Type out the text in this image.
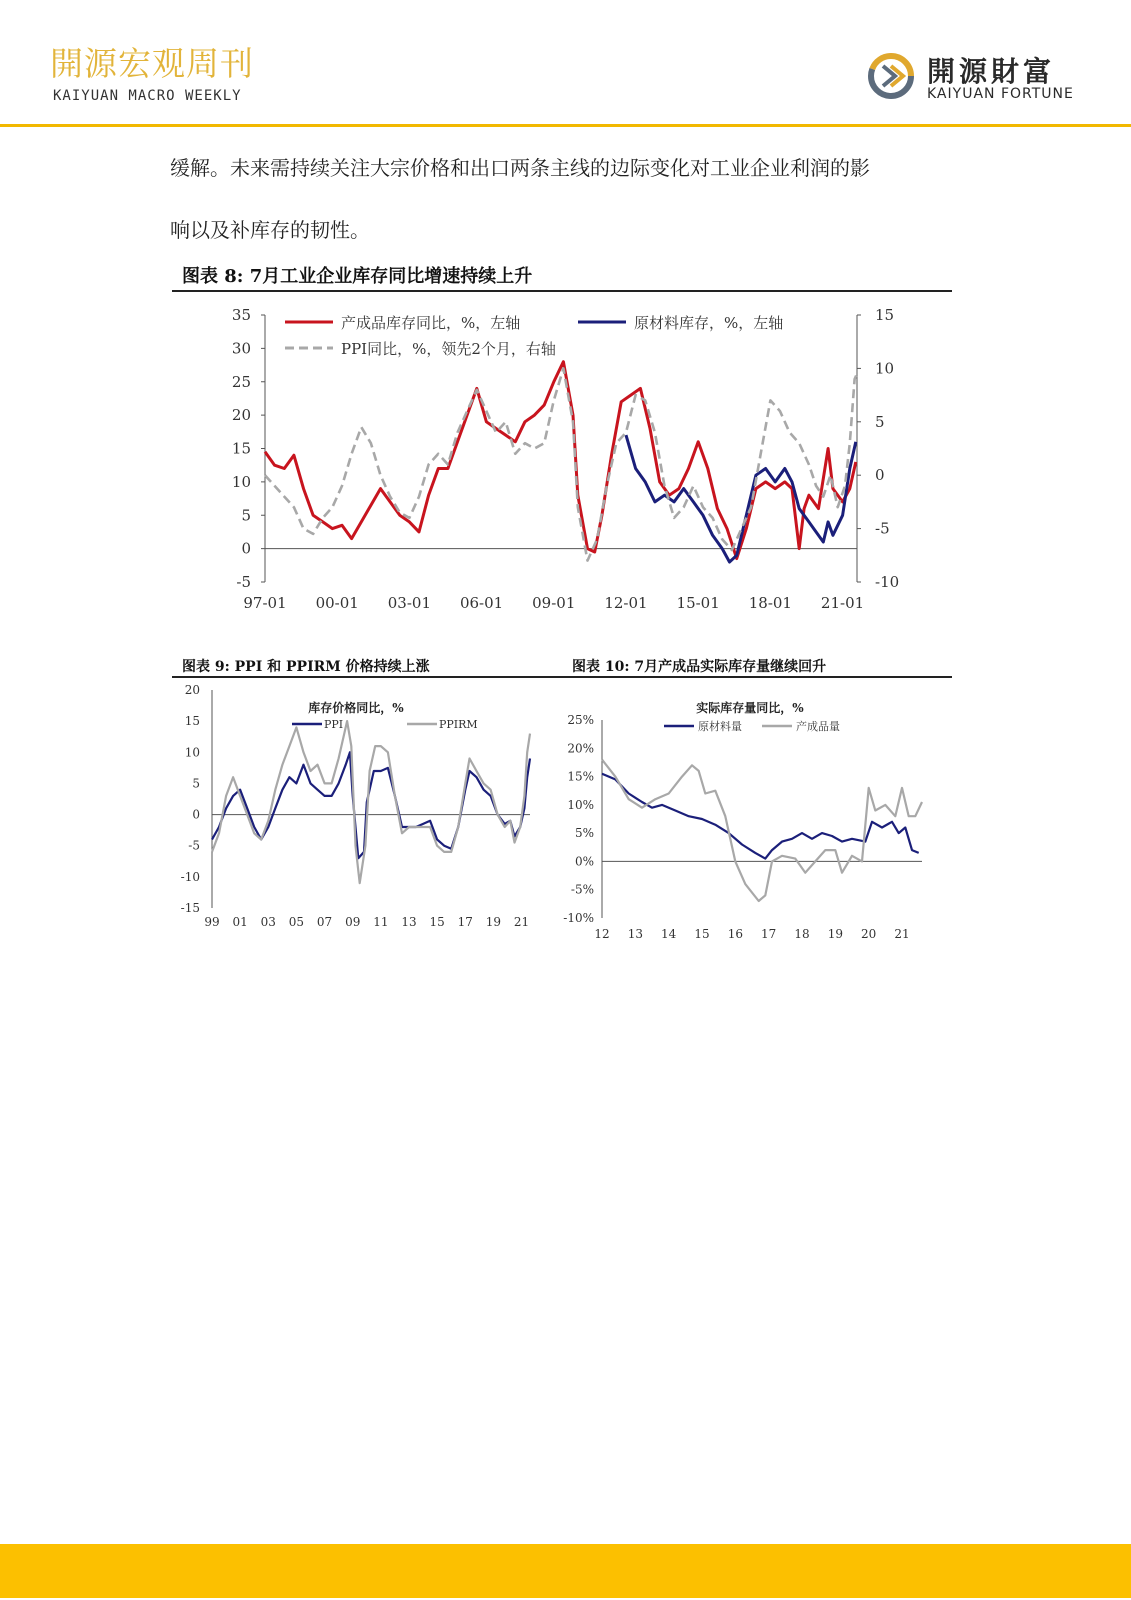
開源宏观周刊
KAIYUAN MACRO WEEKLY
開源財富
KAIYUAN FORTUNE
缓解。未来需持续关注大宗价格和出口两条主线的边际变化对工业企业利润的影
响以及补库存的韧性。
图表 8: 7月工业企业库存同比增速持续上升
35
30
25
20
15
10
5
0
-5
15
10
5
0
-5
-10
97-01 00-01 03-01 06-01 09-01 12-01 15-01 18-01 21-01
产成品库存同比，%，左轴	原材料库存，%，左轴
PPI同比，%，领先2个月，右轴
图表 9: PPI 和 PPIRM 价格持续上涨	图表 10: 7月产成品实际库存量继续回升
20
15
10
5
0
-5
-10
-15
99 01 03 05 07 09 11 13 15 17 19 21
库存价格同比，%
PPI	PPIRM	25%
20%
15%
10%
5%
0%
-5%
-10%
12 13 14 15 16 17 18 19 20 21
实际库存量同比，%
原材料量	产成品量
